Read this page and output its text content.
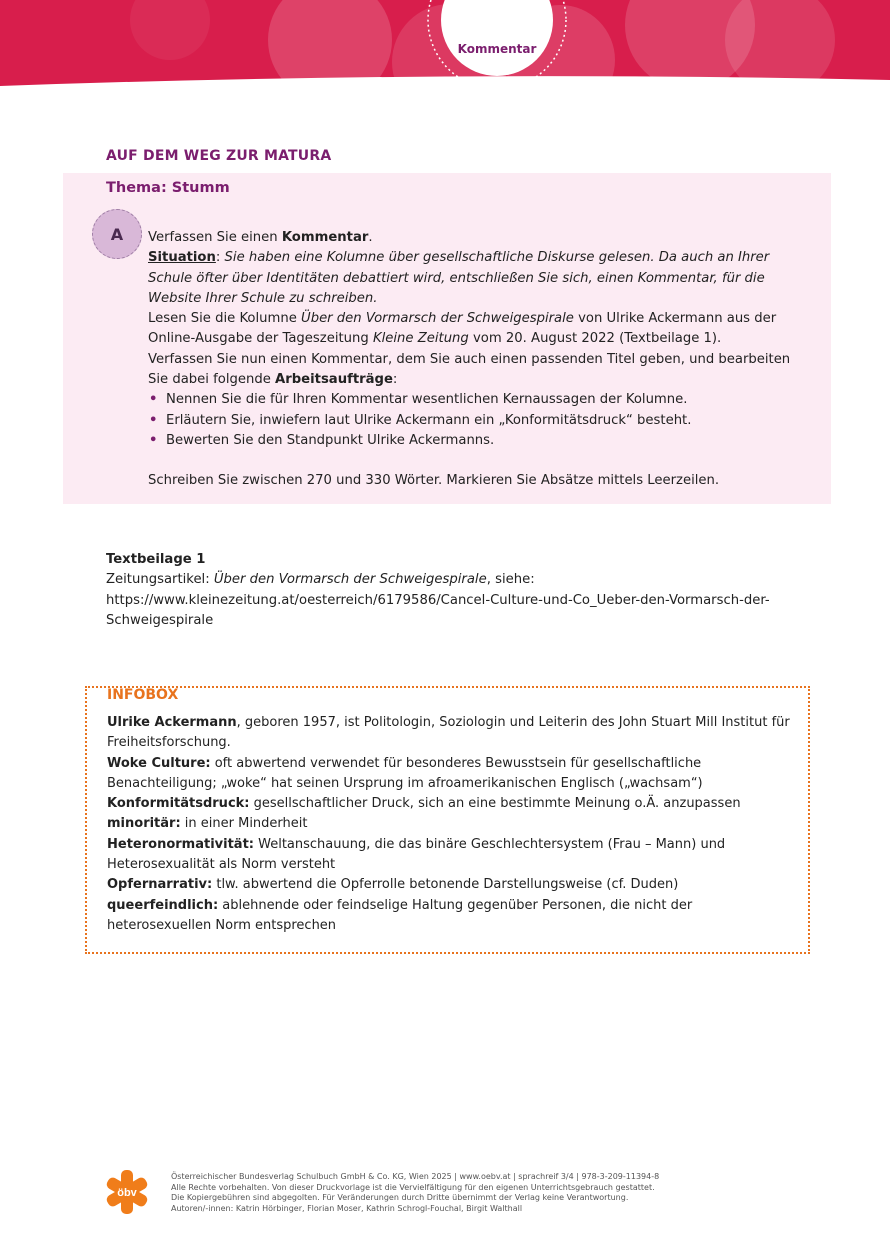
Kommentar
AUF DEM WEG ZUR MATURA
Thema: Stumm
A	Verfassen Sie einen Kommentar.

Situation: Sie haben eine Kolumne über gesellschaftliche Diskurse gelesen. Da auch an Ihrer Schule öfter über Identitäten debattiert wird, entschließen Sie sich, einen Kommentar, für die Website Ihrer Schule zu schreiben.

Lesen Sie die Kolumne Über den Vormarsch der Schweigespirale von Ulrike Ackermann aus der Online-Ausgabe der Tageszeitung Kleine Zeitung vom 20. August 2022 (Textbeilage 1).

Verfassen Sie nun einen Kommentar, dem Sie auch einen passenden Titel geben, und bearbeiten Sie dabei folgende Arbeitsaufträge:

• Nennen Sie die für Ihren Kommentar wesentlichen Kernaussagen der Kolumne.
• Erläutern Sie, inwiefern laut Ulrike Ackermann ein „Konformitätsdruck“ besteht.
• Bewerten Sie den Standpunkt Ulrike Ackermanns.

Schreiben Sie zwischen 270 und 330 Wörter. Markieren Sie Absätze mittels Leerzeilen.

Textbeilage 1

Zeitungsartikel: Über den Vormarsch der Schweigespirale, siehe:

https://www.kleinezeitung.at/oesterreich/6179586/Cancel-Culture-und-Co_Ueber-den-Vormarsch-der-
Schweigespirale

INFOBOX

Ulrike Ackermann, geboren 1957, ist Politologin, Soziologin und Leiterin des John Stuart Mill Institut für Freiheitsforschung.

Woke Culture: oft abwertend verwendet für besonderes Bewusstsein für gesellschaftliche Benachteiligung; „woke“ hat seinen Ursprung im afroamerikanischen Englisch („wachsam“)

Konformitätsdruck: gesellschaftlicher Druck, sich an eine bestimmte Meinung o.Ä. anzupassen

minoritär: in einer Minderheit

Heteronormativität: Weltanschauung, die das binäre Geschlechtersystem (Frau – Mann) und Heterosexualität als Norm versteht

Opfernarrativ: tlw. abwertend die Opferrolle betonende Darstellungsweise (cf. Duden)

queerfeindlich: ablehnende oder feindselige Haltung gegenüber Personen, die nicht der heterosexuellen Norm entsprechen

öbv
Österreichischer Bundesverlag Schulbuch GmbH & Co. KG, Wien 2025 | www.oebv.at | sprachreif 3/4 | 978-3-209-11394-8
Alle Rechte vorbehalten. Von dieser Druckvorlage ist die Vervielfältigung für den eigenen Unterrichtsgebrauch gestattet.
Die Kopiergebühren sind abgegolten. Für Veränderungen durch Dritte übernimmt der Verlag keine Verantwortung.
Autoren/-innen: Katrin Hörbinger, Florian Moser, Kathrin Schrogl-Fouchal, Birgit Walthall
